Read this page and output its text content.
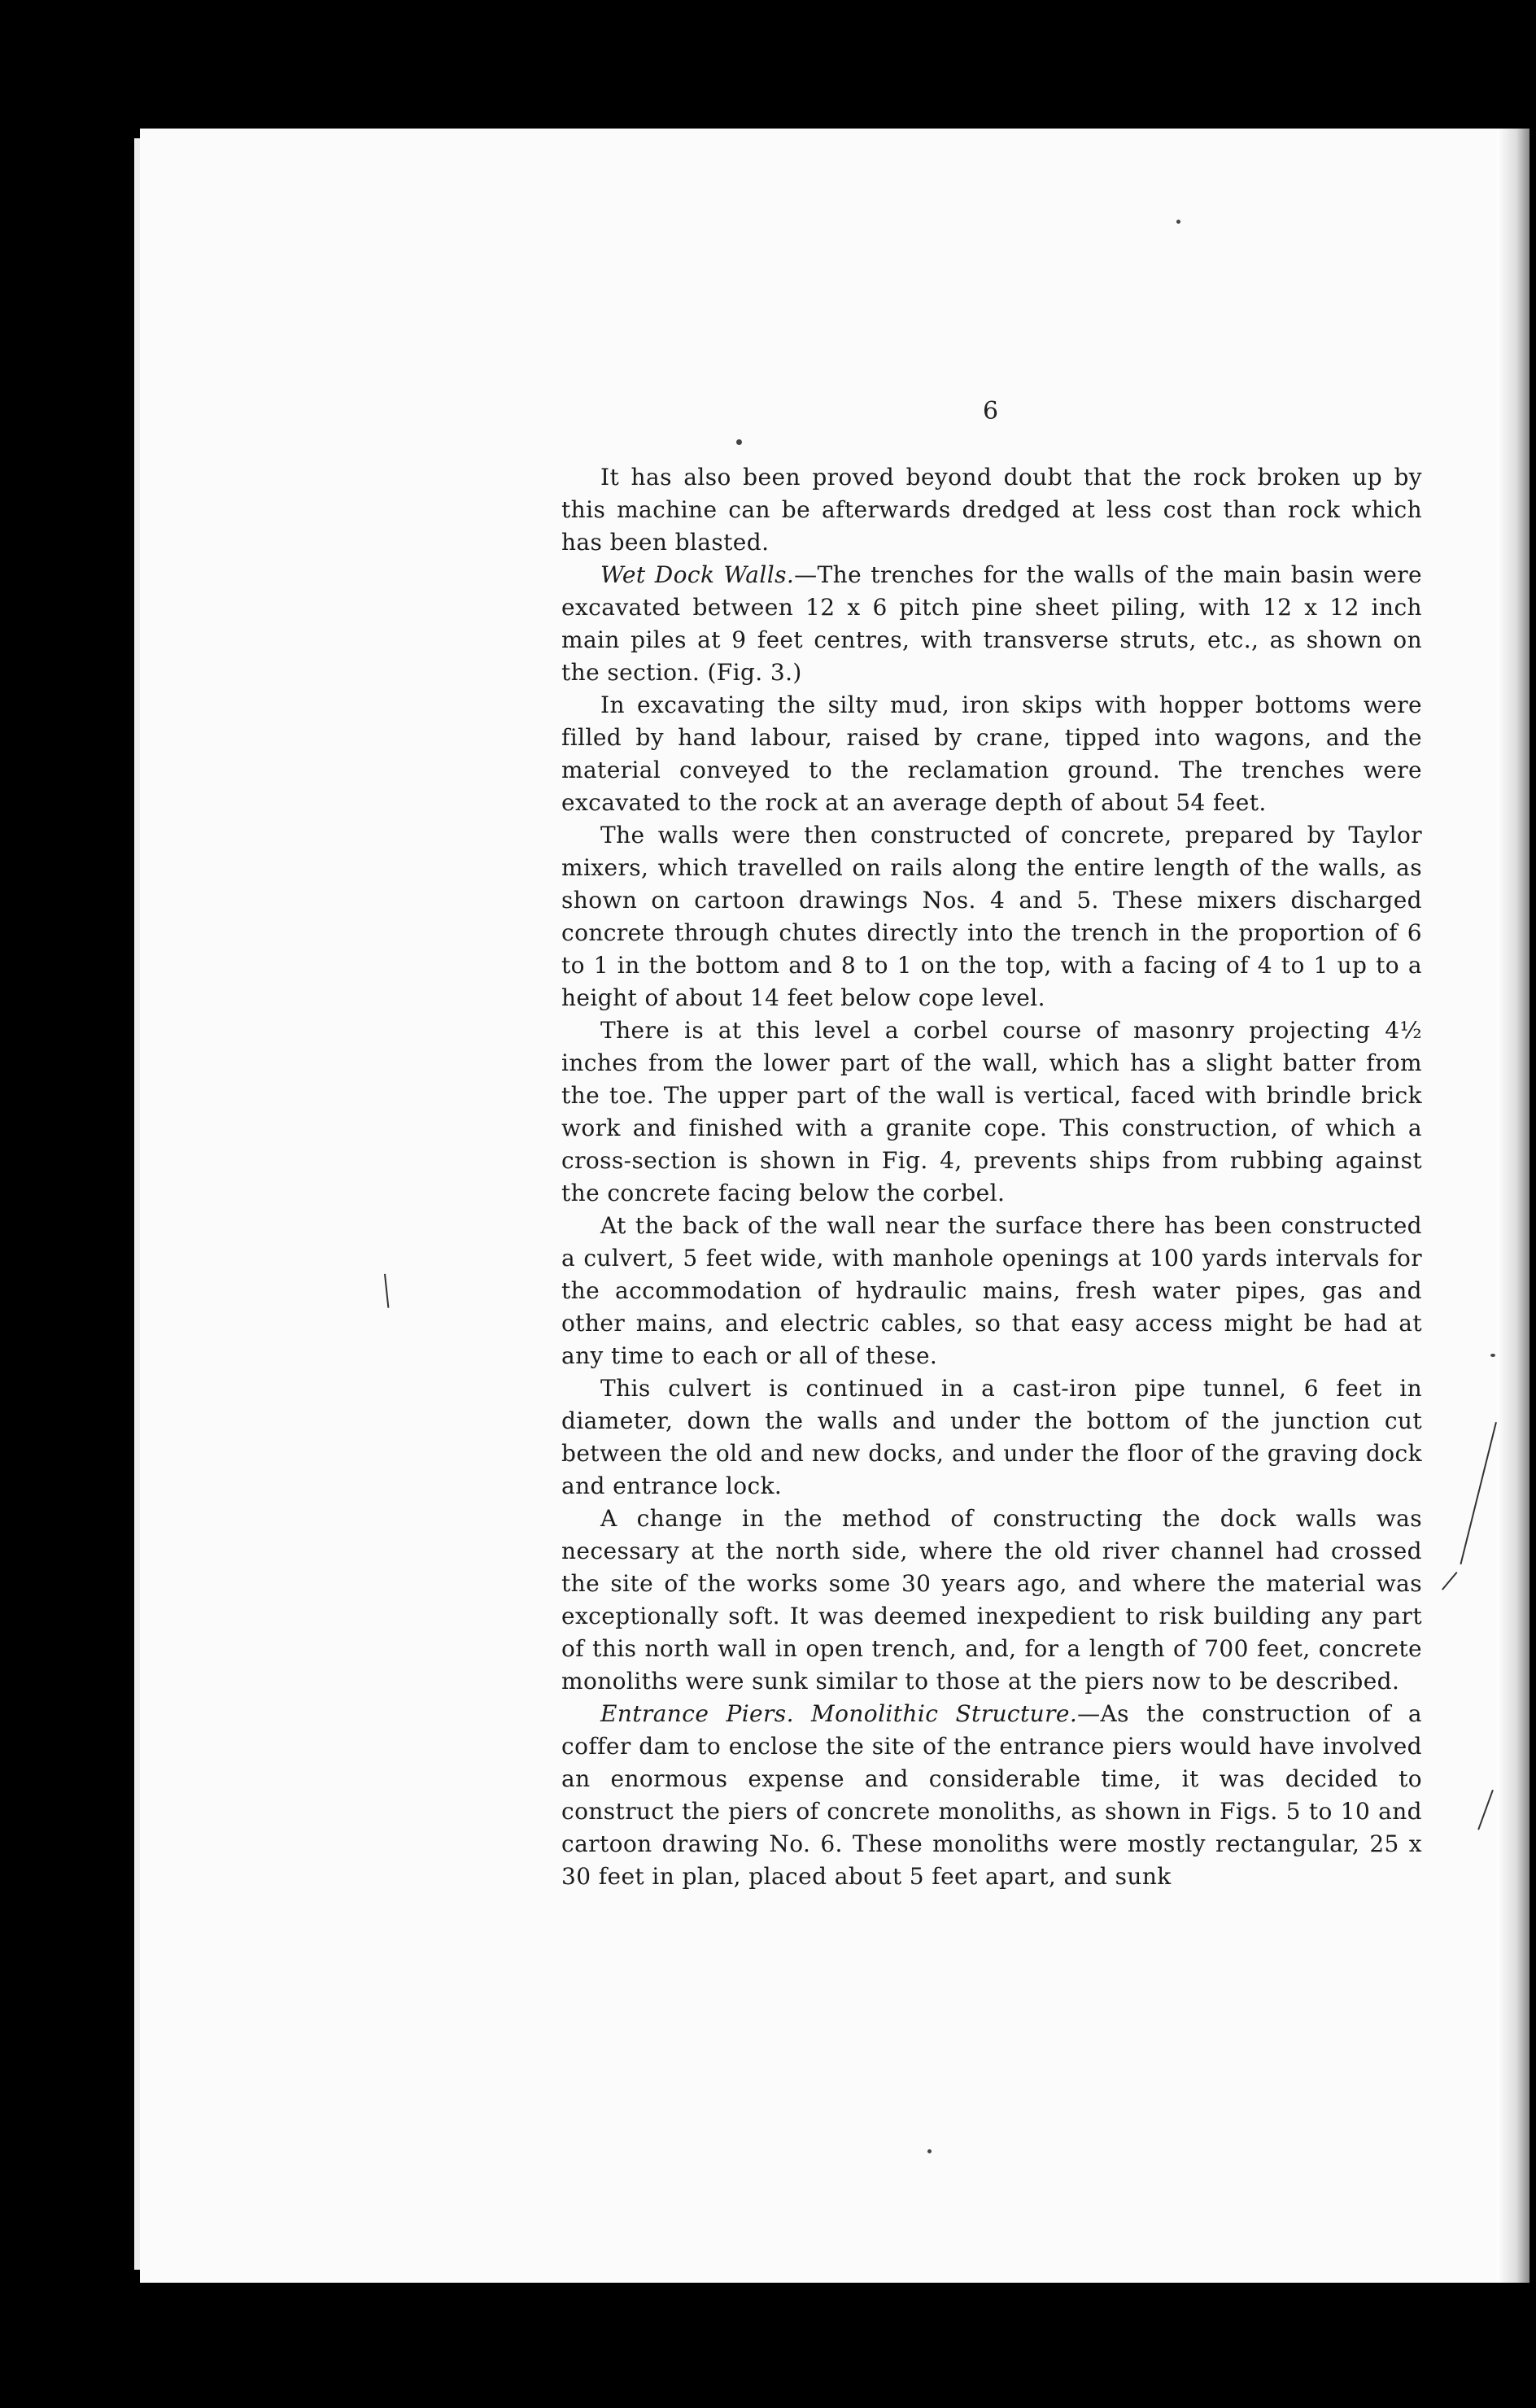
6

It has also been proved beyond doubt that the rock broken up by this machine can be afterwards dredged at less cost than rock which has been blasted.

Wet Dock Walls.—The trenches for the walls of the main basin were excavated between 12 x 6 pitch pine sheet piling, with 12 x 12 inch main piles at 9 feet centres, with transverse struts, etc., as shown on the section. (Fig. 3.)

In excavating the silty mud, iron skips with hopper bottoms were filled by hand labour, raised by crane, tipped into wagons, and the material conveyed to the reclamation ground. The trenches were excavated to the rock at an average depth of about 54 feet.

The walls were then constructed of concrete, prepared by Taylor mixers, which travelled on rails along the entire length of the walls, as shown on cartoon drawings Nos. 4 and 5. These mixers discharged concrete through chutes directly into the trench in the proportion of 6 to 1 in the bottom and 8 to 1 on the top, with a facing of 4 to 1 up to a height of about 14 feet below cope level.

There is at this level a corbel course of masonry projecting 4½ inches from the lower part of the wall, which has a slight batter from the toe. The upper part of the wall is vertical, faced with brindle brick work and finished with a granite cope. This construction, of which a cross-section is shown in Fig. 4, prevents ships from rubbing against the concrete facing below the corbel.

At the back of the wall near the surface there has been constructed a culvert, 5 feet wide, with manhole openings at 100 yards intervals for the accommodation of hydraulic mains, fresh water pipes, gas and other mains, and electric cables, so that easy access might be had at any time to each or all of these.

This culvert is continued in a cast-iron pipe tunnel, 6 feet in diameter, down the walls and under the bottom of the junction cut between the old and new docks, and under the floor of the graving dock and entrance lock.

A change in the method of constructing the dock walls was necessary at the north side, where the old river channel had crossed the site of the works some 30 years ago, and where the material was exceptionally soft. It was deemed inexpedient to risk building any part of this north wall in open trench, and, for a length of 700 feet, concrete monoliths were sunk similar to those at the piers now to be described.

Entrance Piers. Monolithic Structure.—As the construction of a coffer dam to enclose the site of the entrance piers would have involved an enormous expense and considerable time, it was decided to construct the piers of concrete monoliths, as shown in Figs. 5 to 10 and cartoon drawing No. 6. These monoliths were mostly rectangular, 25 x 30 feet in plan, placed about 5 feet apart, and sunk
